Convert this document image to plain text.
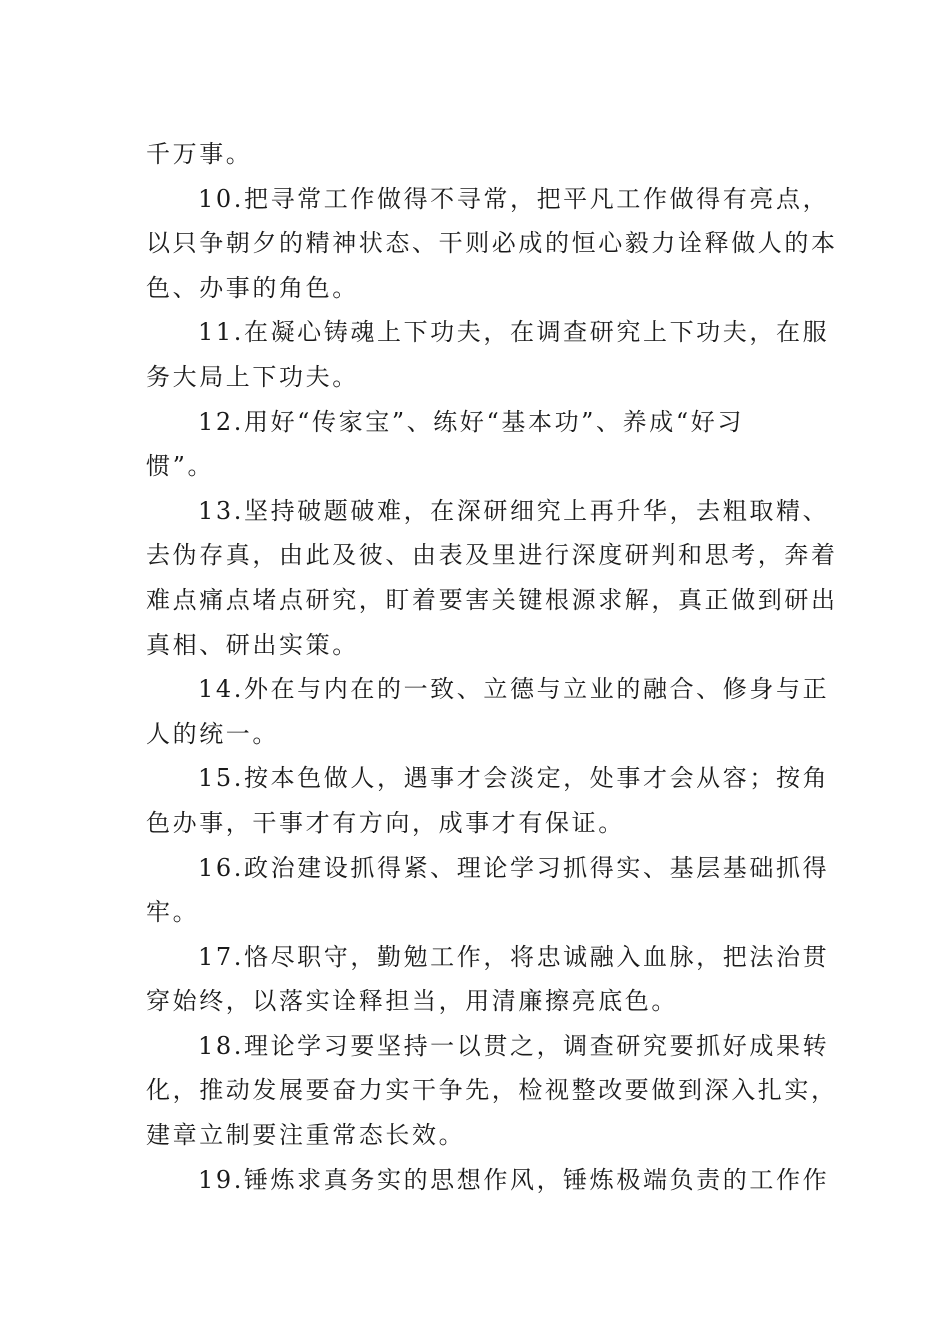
千万事。
10.把寻常工作做得不寻常，把平凡工作做得有亮点，
以只争朝夕的精神状态、干则必成的恒心毅力诠释做人的本
色、办事的角色。
11.在凝心铸魂上下功夫，在调查研究上下功夫，在服
务大局上下功夫。
12.用好“传家宝”、练好“基本功”、养成“好习
惯”。
13.坚持破题破难，在深研细究上再升华，去粗取精、
去伪存真，由此及彼、由表及里进行深度研判和思考，奔着
难点痛点堵点研究，盯着要害关键根源求解，真正做到研出
真相、研出实策。
14.外在与内在的一致、立德与立业的融合、修身与正
人的统一。
15.按本色做人，遇事才会淡定，处事才会从容；按角
色办事，干事才有方向，成事才有保证。
16.政治建设抓得紧、理论学习抓得实、基层基础抓得
牢。
17.恪尽职守，勤勉工作，将忠诚融入血脉，把法治贯
穿始终，以落实诠释担当，用清廉擦亮底色。
18.理论学习要坚持一以贯之，调查研究要抓好成果转
化，推动发展要奋力实干争先，检视整改要做到深入扎实，
建章立制要注重常态长效。
19.锤炼求真务实的思想作风，锤炼极端负责的工作作
